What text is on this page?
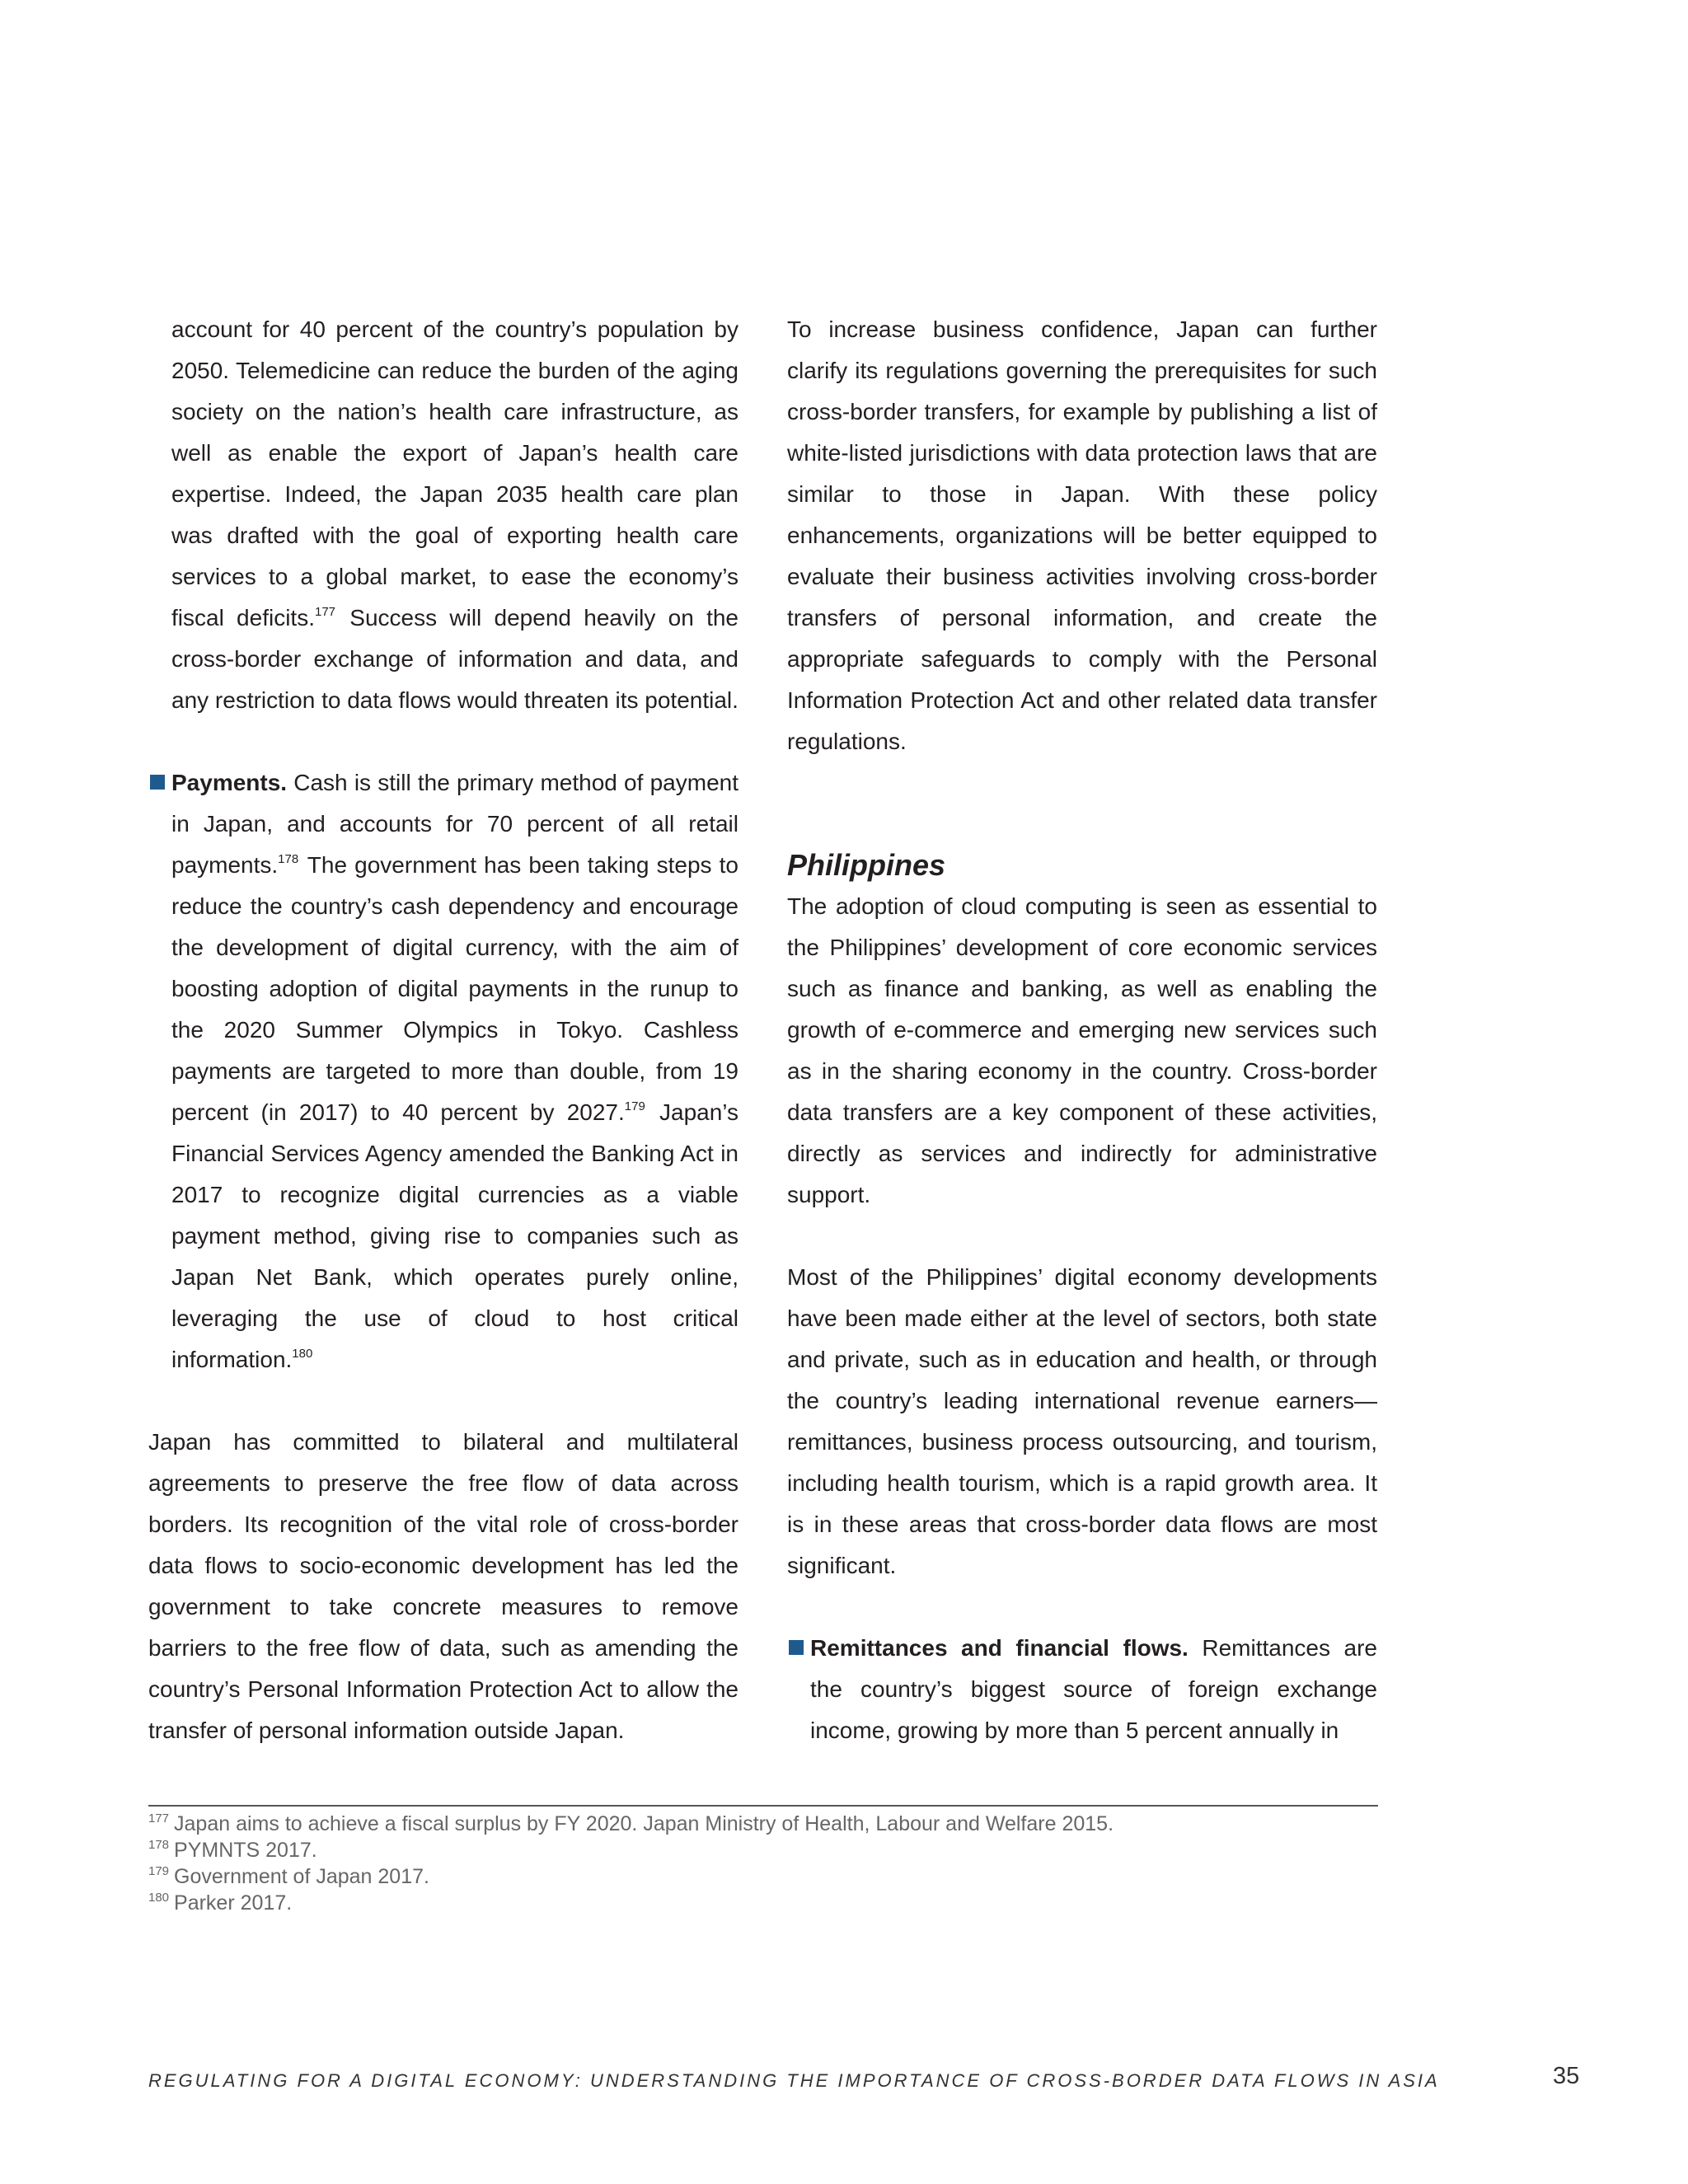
account for 40 percent of the country’s population by 2050. Telemedicine can reduce the burden of the aging society on the nation’s health care infrastructure, as well as enable the export of Japan’s health care expertise. Indeed, the Japan 2035 health care plan was drafted with the goal of exporting health care services to a global market, to ease the economy’s fiscal deficits.$^{177}$ Success will depend heavily on the cross-border exchange of information and data, and any restriction to data flows would threaten its potential.

Payments. Cash is still the primary method of payment in Japan, and accounts for 70 percent of all retail payments.$^{178}$ The government has been taking steps to reduce the country’s cash dependency and encourage the development of digital currency, with the aim of boosting adoption of digital payments in the runup to the 2020 Summer Olympics in Tokyo. Cashless payments are targeted to more than double, from 19 percent (in 2017) to 40 percent by 2027.$^{179}$ Japan’s Financial Services Agency amended the Banking Act in 2017 to recognize digital currencies as a viable payment method, giving rise to companies such as Japan Net Bank, which operates purely online, leveraging the use of cloud to host critical information.$^{180}$

Japan has committed to bilateral and multilateral agreements to preserve the free flow of data across borders. Its recognition of the vital role of cross-border data flows to socio-economic development has led the government to take concrete measures to remove barriers to the free flow of data, such as amending the country’s Personal Information Protection Act to allow the transfer of personal information outside Japan.

To increase business confidence, Japan can further clarify its regulations governing the prerequisites for such cross-border transfers, for example by publishing a list of white-listed jurisdictions with data protection laws that are similar to those in Japan. With these policy enhancements, organizations will be better equipped to evaluate their business activities involving cross-border transfers of personal information, and create the appropriate safeguards to comply with the Personal Information Protection Act and other related data transfer regulations.

Philippines

The adoption of cloud computing is seen as essential to the Philippines’ development of core economic services such as finance and banking, as well as enabling the growth of e-commerce and emerging new services such as in the sharing economy in the country. Cross-border data transfers are a key component of these activities, directly as services and indirectly for administrative support.

Most of the Philippines’ digital economy developments have been made either at the level of sectors, both state and private, such as in education and health, or through the country’s leading international revenue earners—remittances, business process outsourcing, and tourism, including health tourism, which is a rapid growth area. It is in these areas that cross-border data flows are most significant.

Remittances and financial flows. Remittances are the country’s biggest source of foreign exchange income, growing by more than 5 percent annually in

$^{177}$ Japan aims to achieve a fiscal surplus by FY 2020. Japan Ministry of Health, Labour and Welfare 2015.
$^{178}$ PYMNTS 2017.
$^{179}$ Government of Japan 2017.
$^{180}$ Parker 2017.
REGULATING FOR A DIGITAL ECONOMY: UNDERSTANDING THE IMPORTANCE OF CROSS-BORDER DATA FLOWS IN ASIA	35
